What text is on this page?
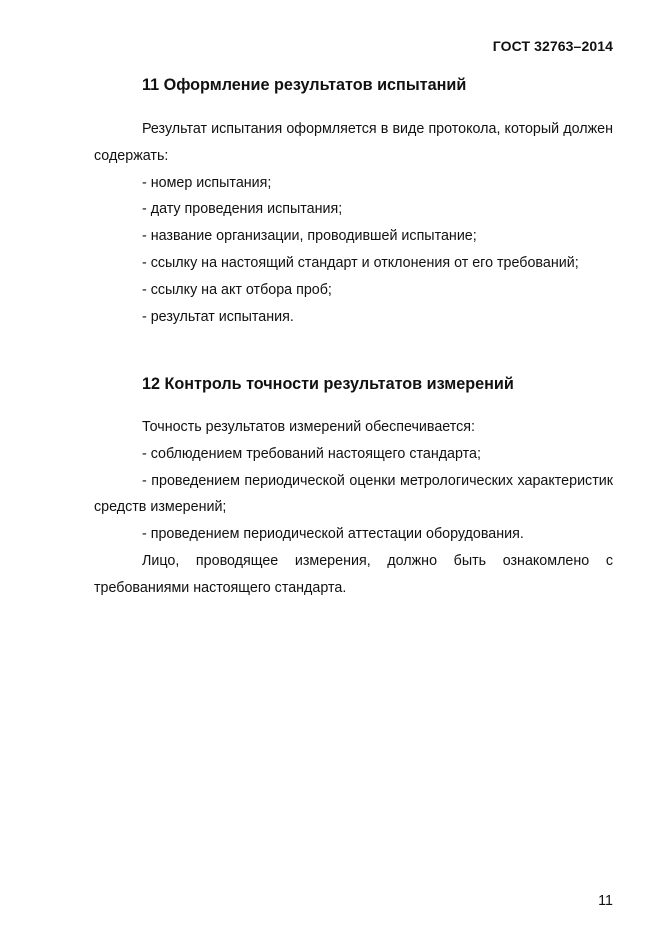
ГОСТ 32763–2014
11 Оформление результатов испытаний
Результат испытания оформляется в виде протокола, который должен содержать:
- номер испытания;
- дату проведения испытания;
- название организации, проводившей испытание;
- ссылку на настоящий стандарт и отклонения от его требований;
- ссылку на акт отбора проб;
- результат испытания.
12 Контроль точности результатов измерений
Точность результатов измерений обеспечивается:
- соблюдением требований настоящего стандарта;
- проведением периодической оценки метрологических характеристик средств измерений;
- проведением периодической аттестации оборудования.
Лицо, проводящее измерения, должно быть ознакомлено с требованиями настоящего стандарта.
11
